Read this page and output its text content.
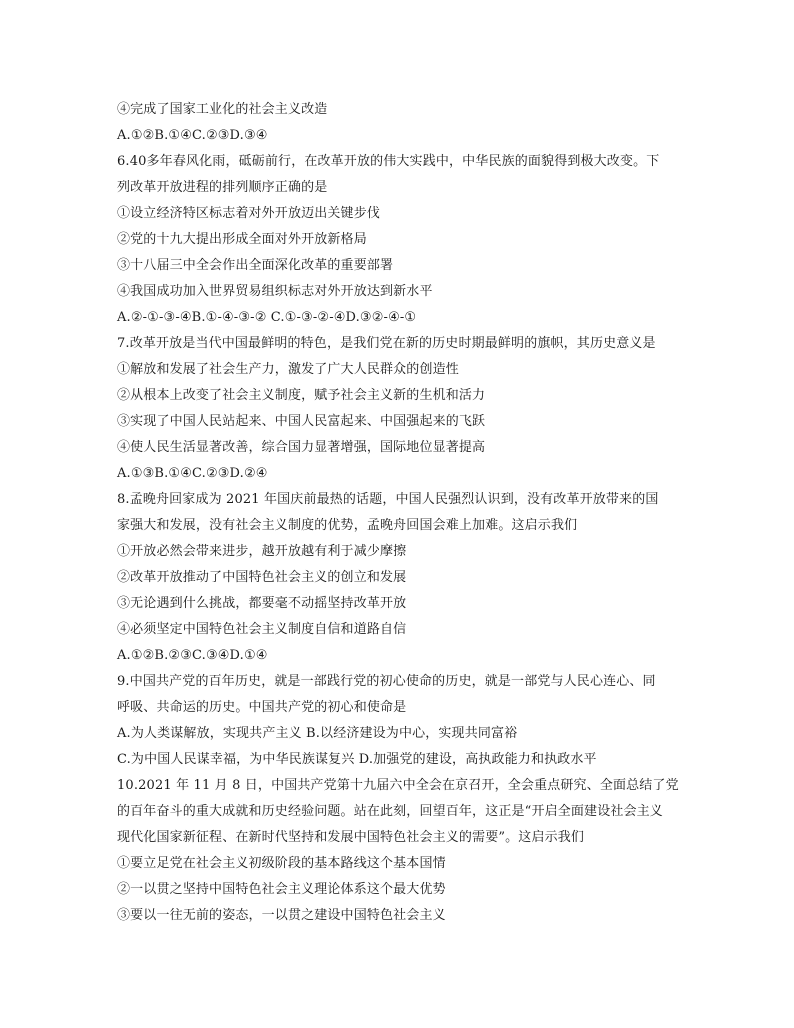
④完成了国家工业化的社会主义改造
A.①②B.①④C.②③D.③④
6.40多年春风化雨，砥砺前行，在改革开放的伟大实践中，中华民族的面貌得到极大改变。下
列改革开放进程的排列顺序正确的是
①设立经济特区标志着对外开放迈出关键步伐
②党的十九大提出形成全面对外开放新格局
③十八届三中全会作出全面深化改革的重要部署
④我国成功加入世界贸易组织标志对外开放达到新水平
A.②-①-③-④B.①-④-③-② C.①-③-②-④D.③②-④-①
7.改革开放是当代中国最鲜明的特色，是我们党在新的历史时期最鲜明的旗帜，其历史意义是
①解放和发展了社会生产力，激发了广大人民群众的创造性
②从根本上改变了社会主义制度，赋予社会主义新的生机和活力
③实现了中国人民站起来、中国人民富起来、中国强起来的飞跃
④使人民生活显著改善，综合国力显著增强，国际地位显著提高
A.①③B.①④C.②③D.②④
8.孟晚舟回家成为 2021 年国庆前最热的话题，中国人民强烈认识到，没有改革开放带来的国
家强大和发展，没有社会主义制度的优势，孟晚舟回国会难上加难。这启示我们
①开放必然会带来进步，越开放越有利于减少摩擦
②改革开放推动了中国特色社会主义的创立和发展
③无论遇到什么挑战，都要毫不动摇坚持改革开放
④必须坚定中国特色社会主义制度自信和道路自信
A.①②B.②③C.③④D.①④
9.中国共产党的百年历史，就是一部践行党的初心使命的历史，就是一部党与人民心连心、同
呼吸、共命运的历史。中国共产党的初心和使命是
A.为人类谋解放，实现共产主义 B.以经济建设为中心，实现共同富裕
C.为中国人民谋幸福，为中华民族谋复兴 D.加强党的建设，高执政能力和执政水平
10.2021 年 11 月 8 日，中国共产党第十九届六中全会在京召开，全会重点研究、全面总结了党
的百年奋斗的重大成就和历史经验问题。站在此刻，回望百年，这正是“开启全面建设社会主义
现代化国家新征程、在新时代坚持和发展中国特色社会主义的需要”。这启示我们
①要立足党在社会主义初级阶段的基本路线这个基本国情
②一以贯之坚持中国特色社会主义理论体系这个最大优势
③要以一往无前的姿态，一以贯之建设中国特色社会主义
